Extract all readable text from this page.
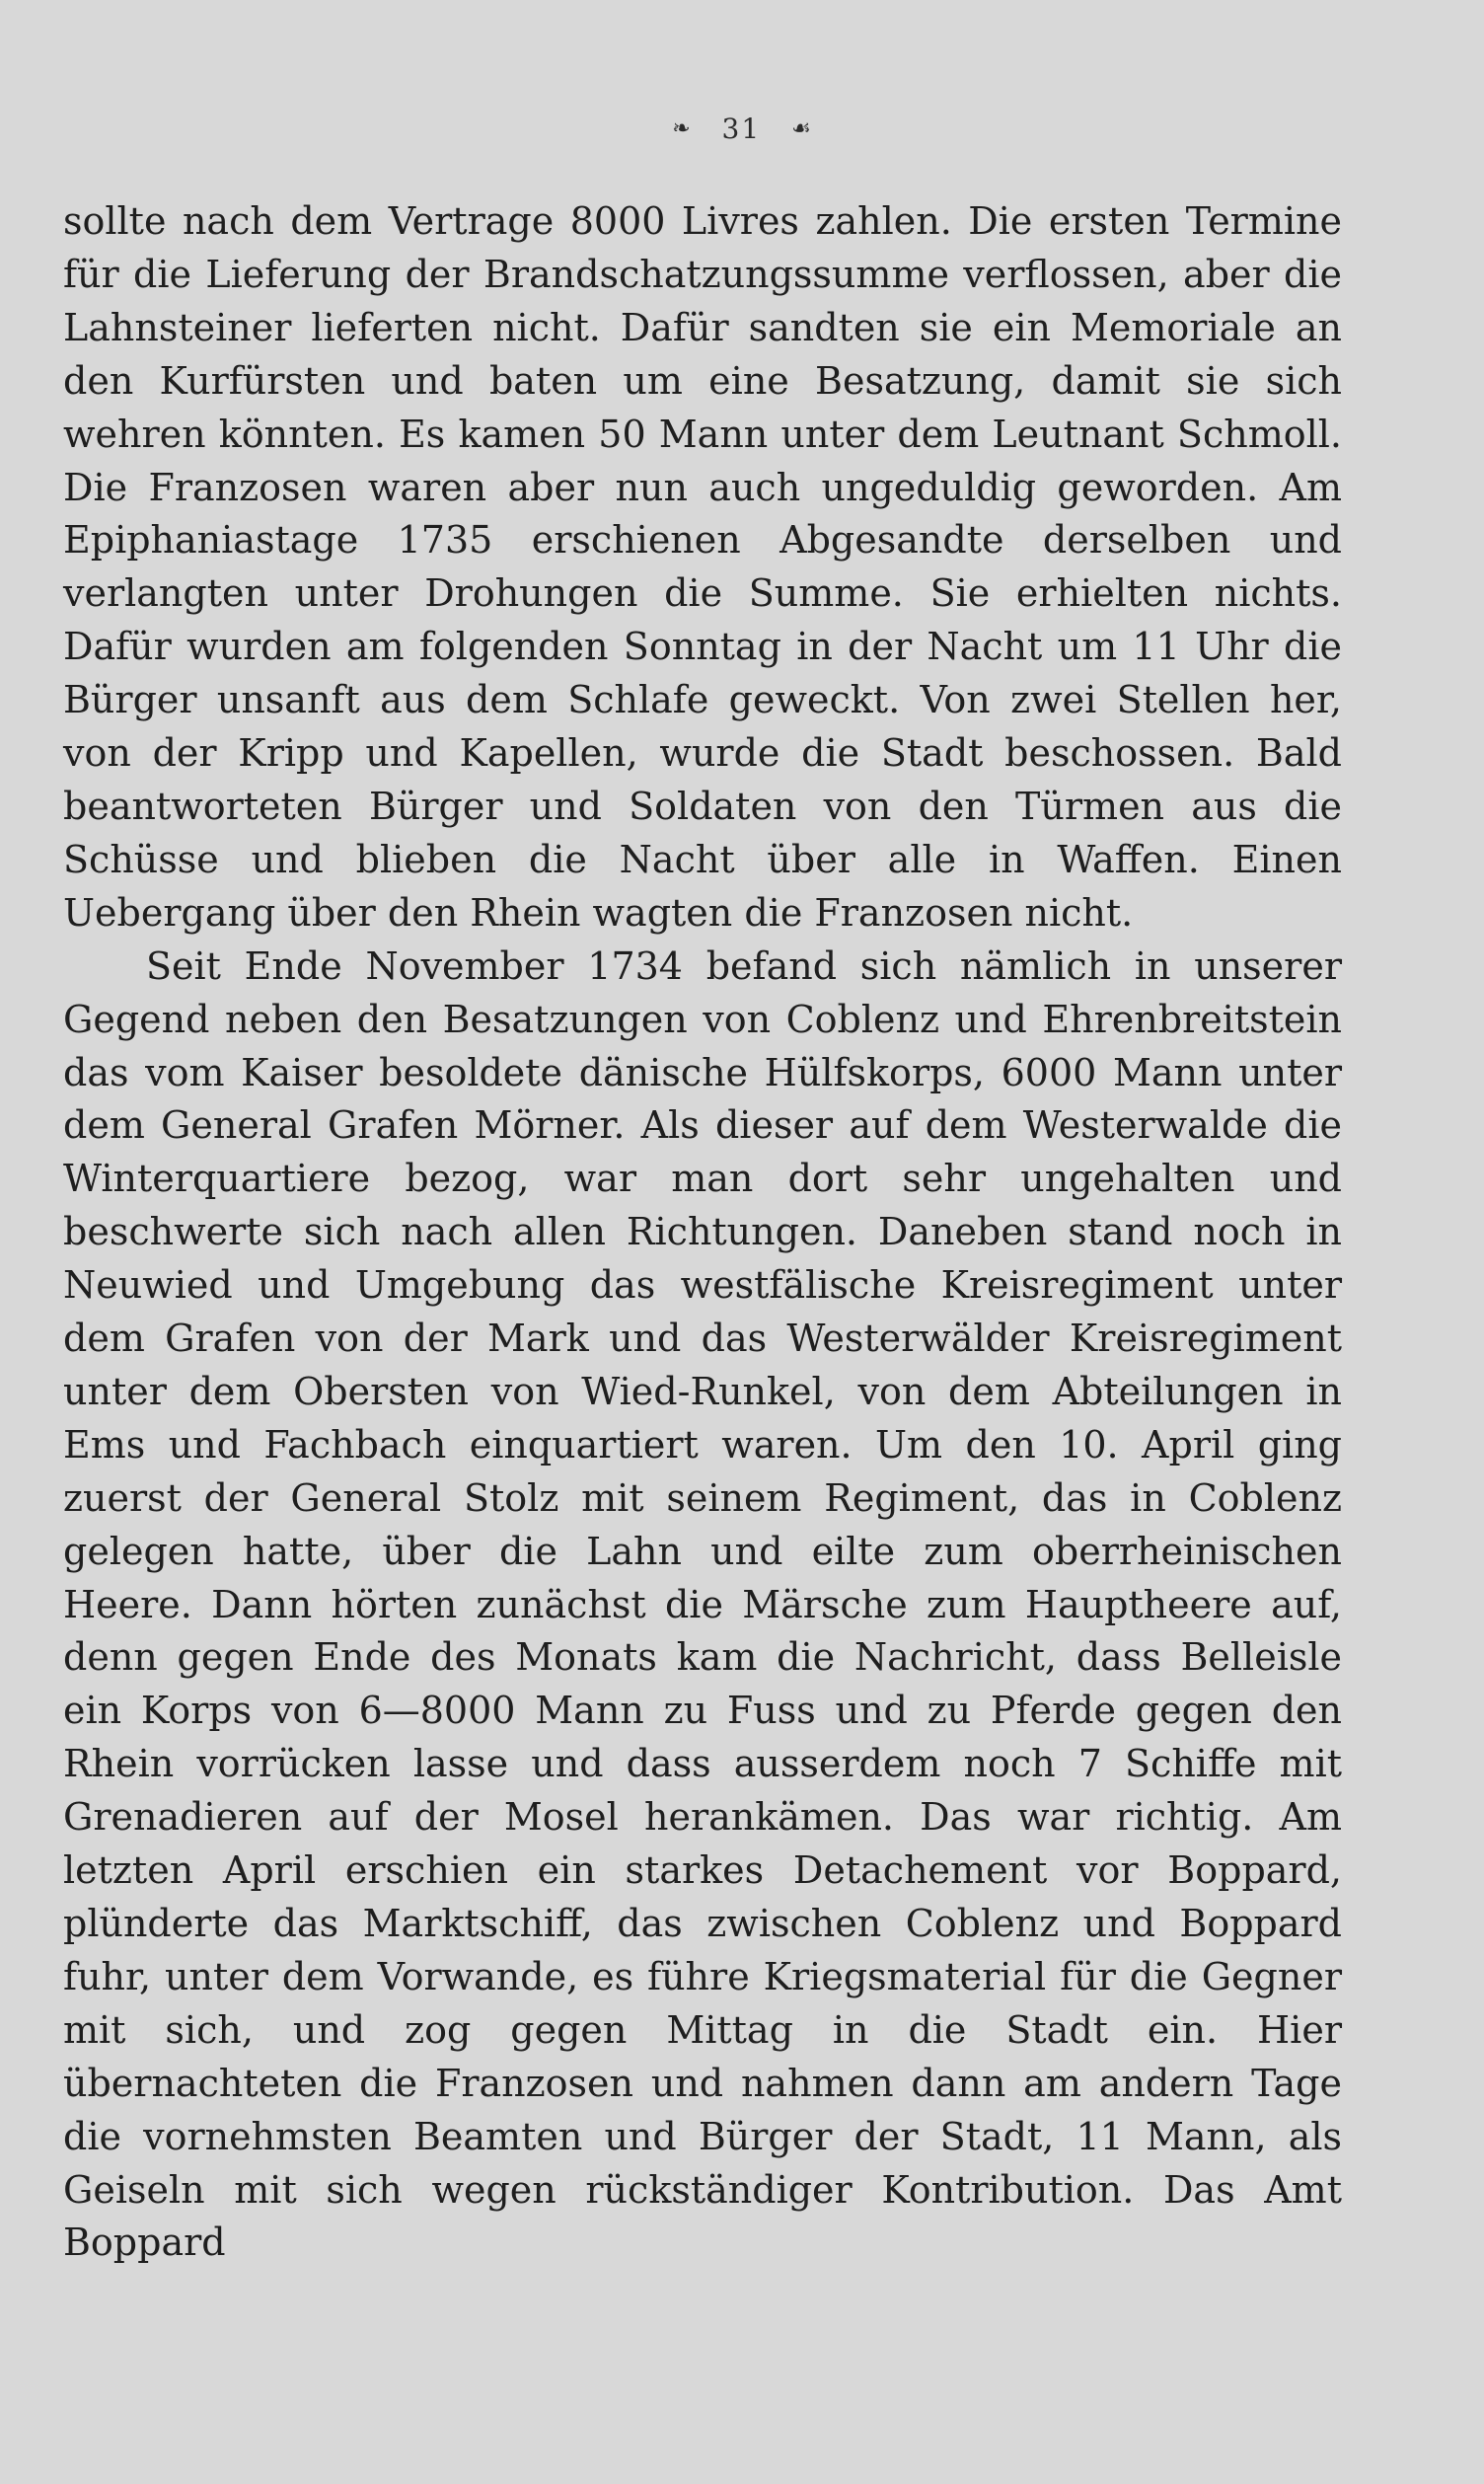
❧ 31 ☙

sollte nach dem Vertrage 8000 Livres zahlen. Die ersten Termine für die Lieferung der Brandschatzungssumme verflossen, aber die Lahnsteiner lieferten nicht. Dafür sandten sie ein Memoriale an den Kurfürsten und baten um eine Besatzung, damit sie sich wehren könnten. Es kamen 50 Mann unter dem Leutnant Schmoll. Die Franzosen waren aber nun auch ungeduldig geworden. Am Epiphaniastage 1735 erschienen Abgesandte derselben und verlangten unter Drohungen die Summe. Sie erhielten nichts. Dafür wurden am folgenden Sonntag in der Nacht um 11 Uhr die Bürger unsanft aus dem Schlafe geweckt. Von zwei Stellen her, von der Kripp und Kapellen, wurde die Stadt beschossen. Bald beantworteten Bürger und Soldaten von den Türmen aus die Schüsse und blieben die Nacht über alle in Waffen. Einen Uebergang über den Rhein wagten die Franzosen nicht.

Seit Ende November 1734 befand sich nämlich in unserer Gegend neben den Besatzungen von Coblenz und Ehrenbreitstein das vom Kaiser besoldete dänische Hülfskorps, 6000 Mann unter dem General Grafen Mörner. Als dieser auf dem Westerwalde die Winterquartiere bezog, war man dort sehr ungehalten und beschwerte sich nach allen Richtungen. Daneben stand noch in Neuwied und Umgebung das westfälische Kreisregiment unter dem Grafen von der Mark und das Westerwälder Kreisregiment unter dem Obersten von Wied-Runkel, von dem Abteilungen in Ems und Fachbach einquartiert waren. Um den 10. April ging zuerst der General Stolz mit seinem Regiment, das in Coblenz gelegen hatte, über die Lahn und eilte zum oberrheinischen Heere. Dann hörten zunächst die Märsche zum Hauptheere auf, denn gegen Ende des Monats kam die Nachricht, dass Belleisle ein Korps von 6—8000 Mann zu Fuss und zu Pferde gegen den Rhein vorrücken lasse und dass ausserdem noch 7 Schiffe mit Grenadieren auf der Mosel herankämen. Das war richtig. Am letzten April erschien ein starkes Detachement vor Boppard, plünderte das Marktschiff, das zwischen Coblenz und Boppard fuhr, unter dem Vorwande, es führe Kriegsmaterial für die Gegner mit sich, und zog gegen Mittag in die Stadt ein. Hier übernachteten die Franzosen und nahmen dann am andern Tage die vornehmsten Beamten und Bürger der Stadt, 11 Mann, als Geiseln mit sich wegen rückständiger Kontribution. Das Amt Boppard
